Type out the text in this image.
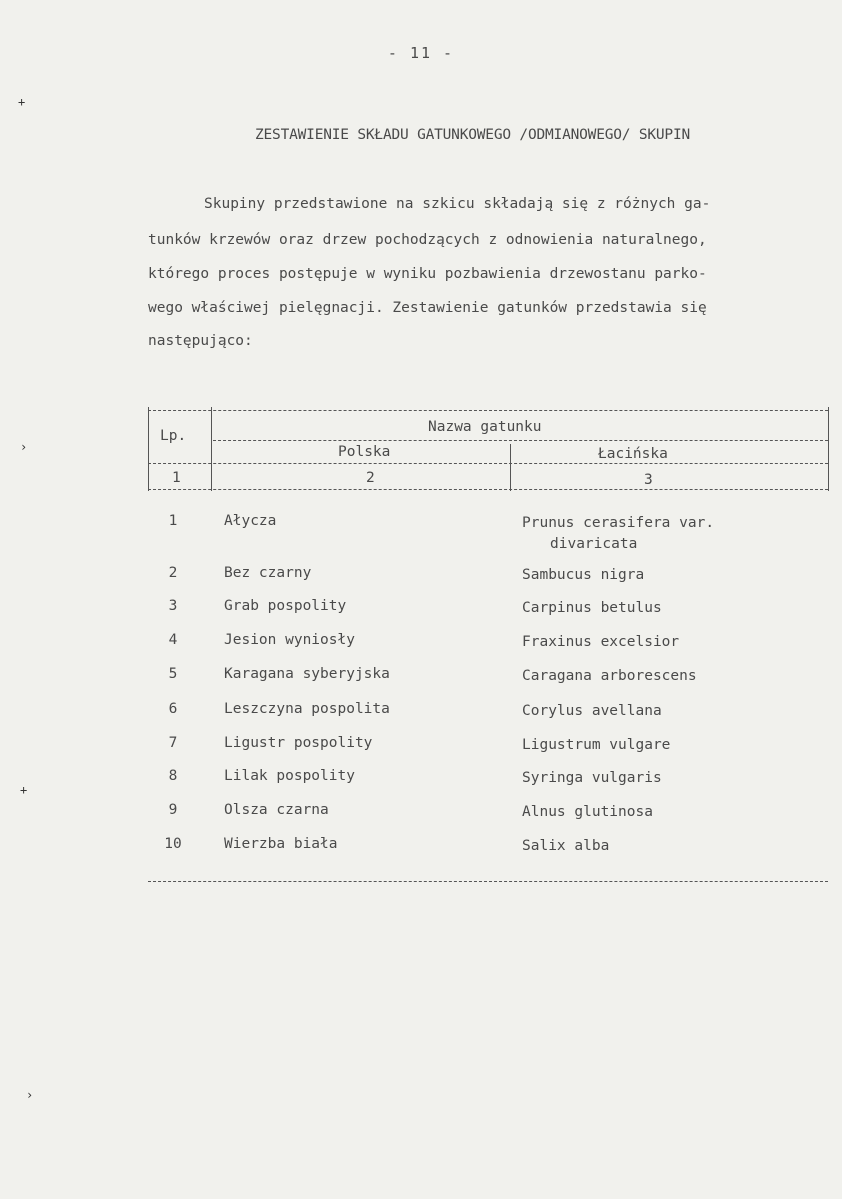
+
›
+
›
- 11 -
ZESTAWIENIE SKŁADU GATUNKOWEGO /ODMIANOWEGO/ SKUPIN
Skupiny przedstawione na szkicu składają się z różnych ga-
tunków krzewów oraz drzew pochodzących z odnowienia naturalnego,
którego proces postępuje w wyniku pozbawienia drzewostanu parko-
wego właściwej pielęgnacji. Zestawienie gatunków przedstawia się
następująco:
Lp.
Nazwa gatunku
Polska	Łacińska
1	2	3
1	Ałycza	Prunus cerasifera var.
divaricata
2	Bez czarny	Sambucus nigra
3	Grab pospolity	Carpinus betulus
4	Jesion wyniosły	Fraxinus excelsior
5	Karagana syberyjska	Caragana arborescens
6	Leszczyna pospolita	Corylus avellana
7	Ligustr pospolity	Ligustrum vulgare
8	Lilak pospolity	Syringa vulgaris
9	Olsza czarna	Alnus glutinosa
10	Wierzba biała	Salix alba
